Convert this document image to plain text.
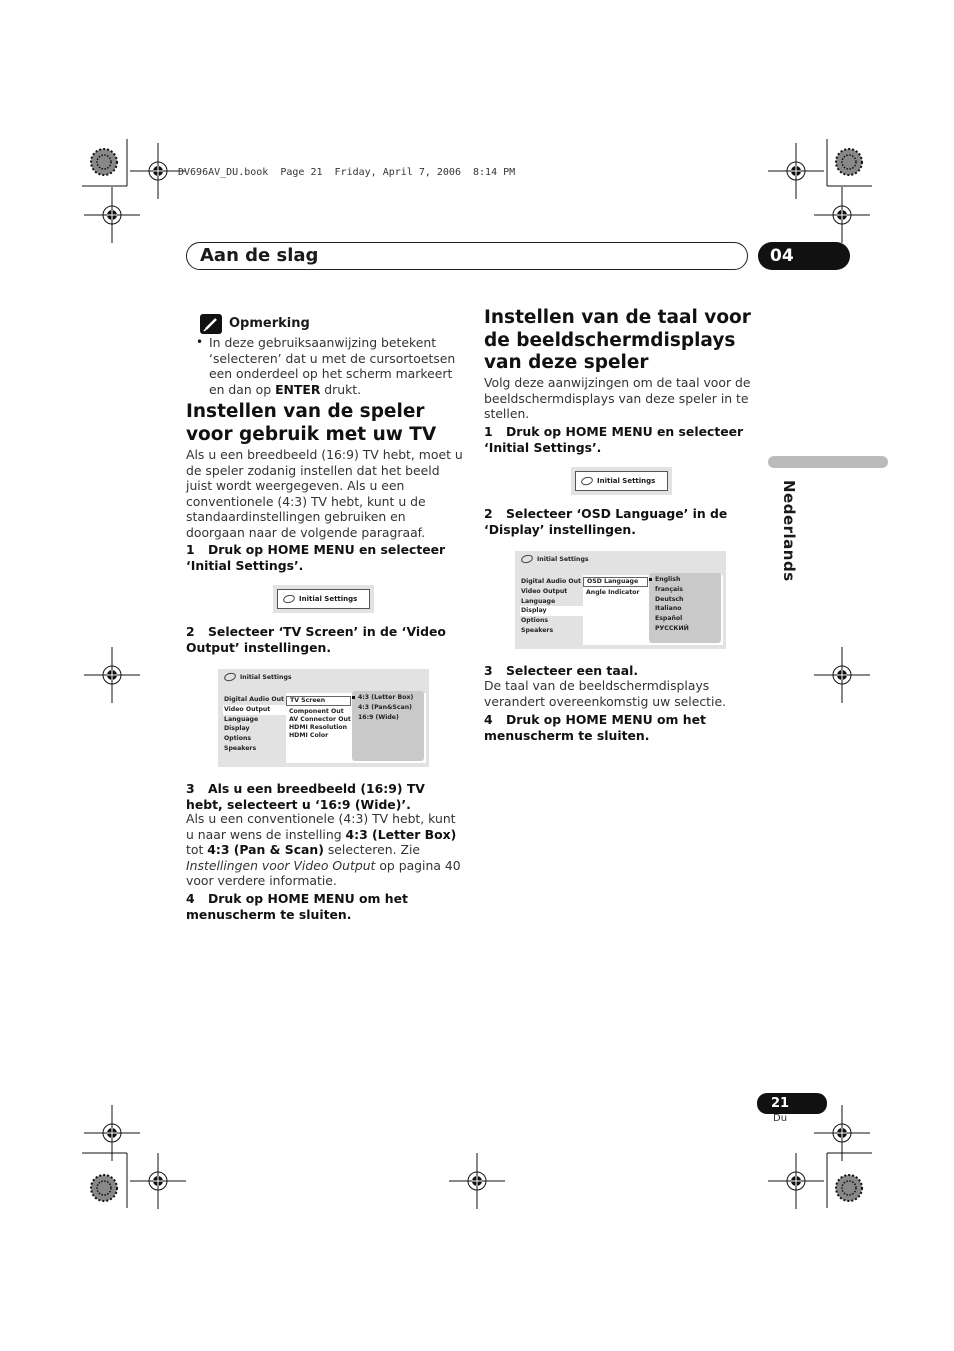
DV696AV_DU.book  Page 21  Friday, April 7, 2006  8:14 PM
Aan de slag	04
Nederlands
Opmerking
• In deze gebruiksaanwijzing betekent ‘selecteren’ dat u met de cursortoetsen een onderdeel op het scherm markeert en dan op ENTER drukt.
Instellen van de speler voor gebruik met uw TV

Als u een breedbeeld (16:9) TV hebt, moet u de speler zodanig instellen dat het beeld juist wordt weergegeven. Als u een conventionele (4:3) TV hebt, kunt u de standaardinstellingen gebruiken en doorgaan naar de volgende paragraaf.

1 Druk op HOME MENU en selecteer ‘Initial Settings’.

Initial Settings

2 Selecteer ‘TV Screen’ in de ‘Video Output’ instellingen.

Initial Settings
Digital Audio Out
Video Output
Language
Display
Options
Speakers
TV Screen
Component Out
AV Connector Out
HDMI Resolution
HDMI Color
4:3 (Letter Box)
4:3 (Pan&Scan)
16:9 (Wide)

3 Als u een breedbeeld (16:9) TV hebt, selecteert u ‘16:9 (Wide)’.

Als u een conventionele (4:3) TV hebt, kunt u naar wens de instelling 4:3 (Letter Box) tot 4:3 (Pan & Scan) selecteren. Zie Instellingen voor Video Output op pagina 40 voor verdere informatie.

4 Druk op HOME MENU om het menuscherm te sluiten.

Instellen van de taal voor de beeldschermdisplays van deze speler

Volg deze aanwijzingen om de taal voor de beeldschermdisplays van deze speler in te stellen.

1 Druk op HOME MENU en selecteer ‘Initial Settings’.

Initial Settings

2 Selecteer ‘OSD Language’ in de ‘Display’ instellingen.

Initial Settings
Digital Audio Out
Video Output
Language
Display
Options
Speakers
OSD Language
Angle Indicator
English
français
Deutsch
Italiano
Español
РУССКИЙ

3 Selecteer een taal.

De taal van de beeldschermdisplays verandert overeenkomstig uw selectie.

4 Druk op HOME MENU om het menuscherm te sluiten.

21
Du
